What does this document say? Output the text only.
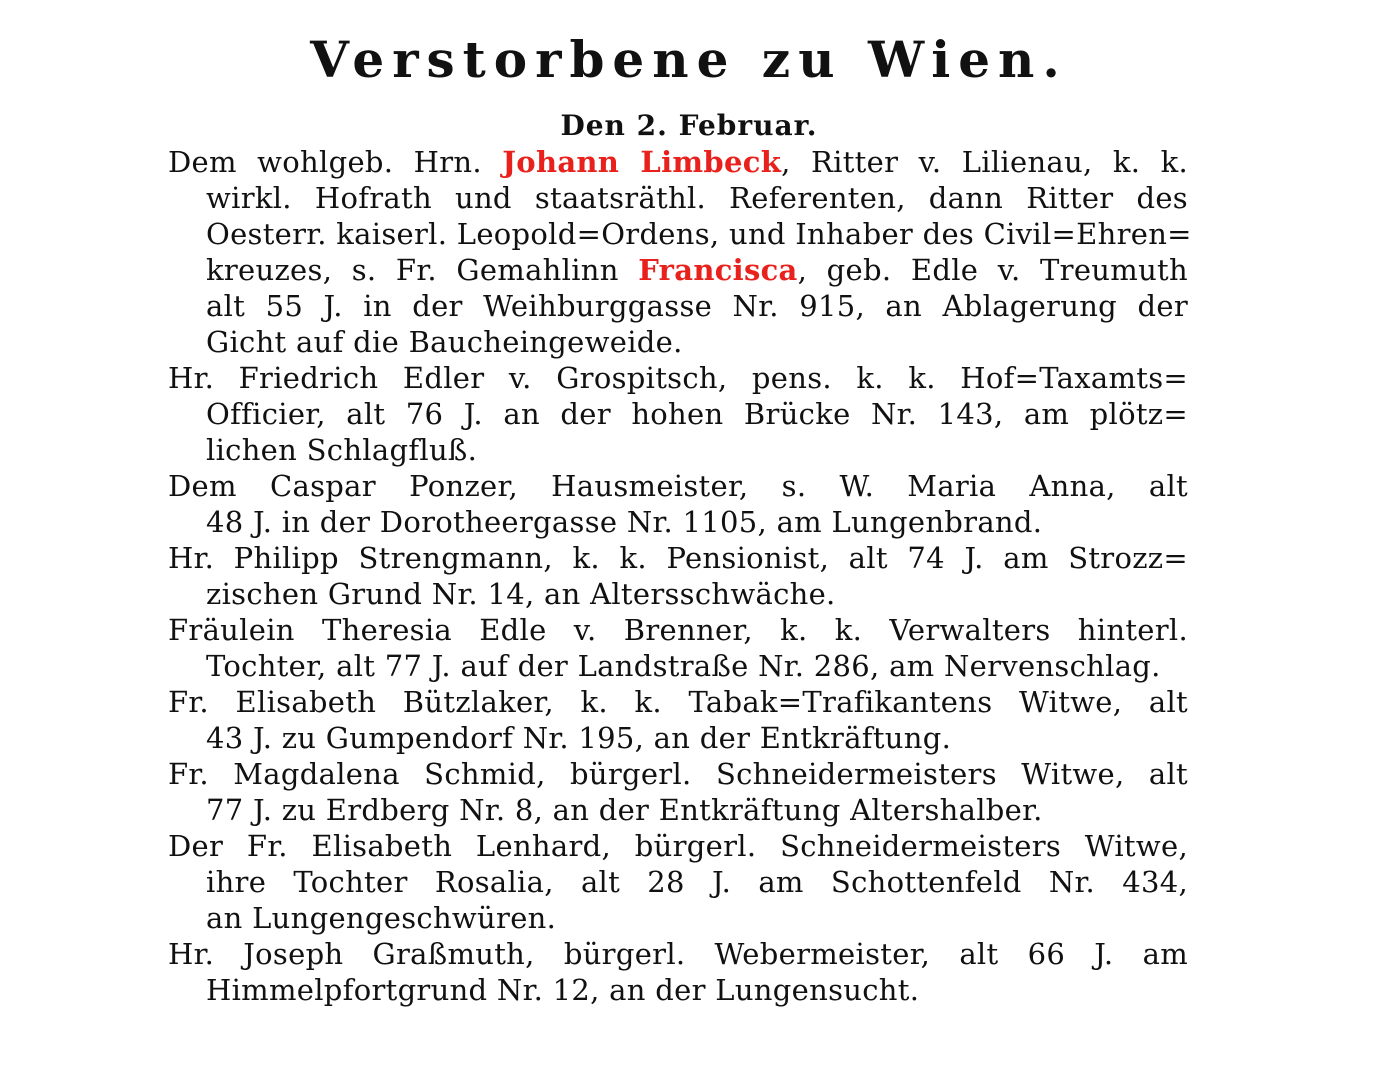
Verstorbene zu Wien.
Den 2. Februar.
Dem wohlgeb. Hrn. Johann Limbeck, Ritter v. Lilienau, k. k.
wirkl. Hofrath und staatsräthl. Referenten, dann Ritter des
Oesterr. kaiserl. Leopold=Ordens, und Inhaber des Civil=Ehren=
kreuzes, s. Fr. Gemahlinn Francisca, geb. Edle v. Treumuth
alt 55 J. in der Weihburggasse Nr. 915, an Ablagerung der
Gicht auf die Baucheingeweide.
Hr. Friedrich Edler v. Grospitsch, pens. k. k. Hof=Taxamts=
Officier, alt 76 J. an der hohen Brücke Nr. 143, am plötz=
lichen Schlagfluß.
Dem Caspar Ponzer, Hausmeister, s. W. Maria Anna, alt
48 J. in der Dorotheergasse Nr. 1105, am Lungenbrand.
Hr. Philipp Strengmann, k. k. Pensionist, alt 74 J. am Strozz=
zischen Grund Nr. 14, an Altersschwäche.
Fräulein Theresia Edle v. Brenner, k. k. Verwalters hinterl.
Tochter, alt 77 J. auf der Landstraße Nr. 286, am Nervenschlag.
Fr. Elisabeth Bützlaker, k. k. Tabak=Trafikantens Witwe, alt
43 J. zu Gumpendorf Nr. 195, an der Entkräftung.
Fr. Magdalena Schmid, bürgerl. Schneidermeisters Witwe, alt
77 J. zu Erdberg Nr. 8, an der Entkräftung Altershalber.
Der Fr. Elisabeth Lenhard, bürgerl. Schneidermeisters Witwe,
ihre Tochter Rosalia, alt 28 J. am Schottenfeld Nr. 434,
an Lungengeschwüren.
Hr. Joseph Graßmuth, bürgerl. Webermeister, alt 66 J. am
Himmelpfortgrund Nr. 12, an der Lungensucht.
